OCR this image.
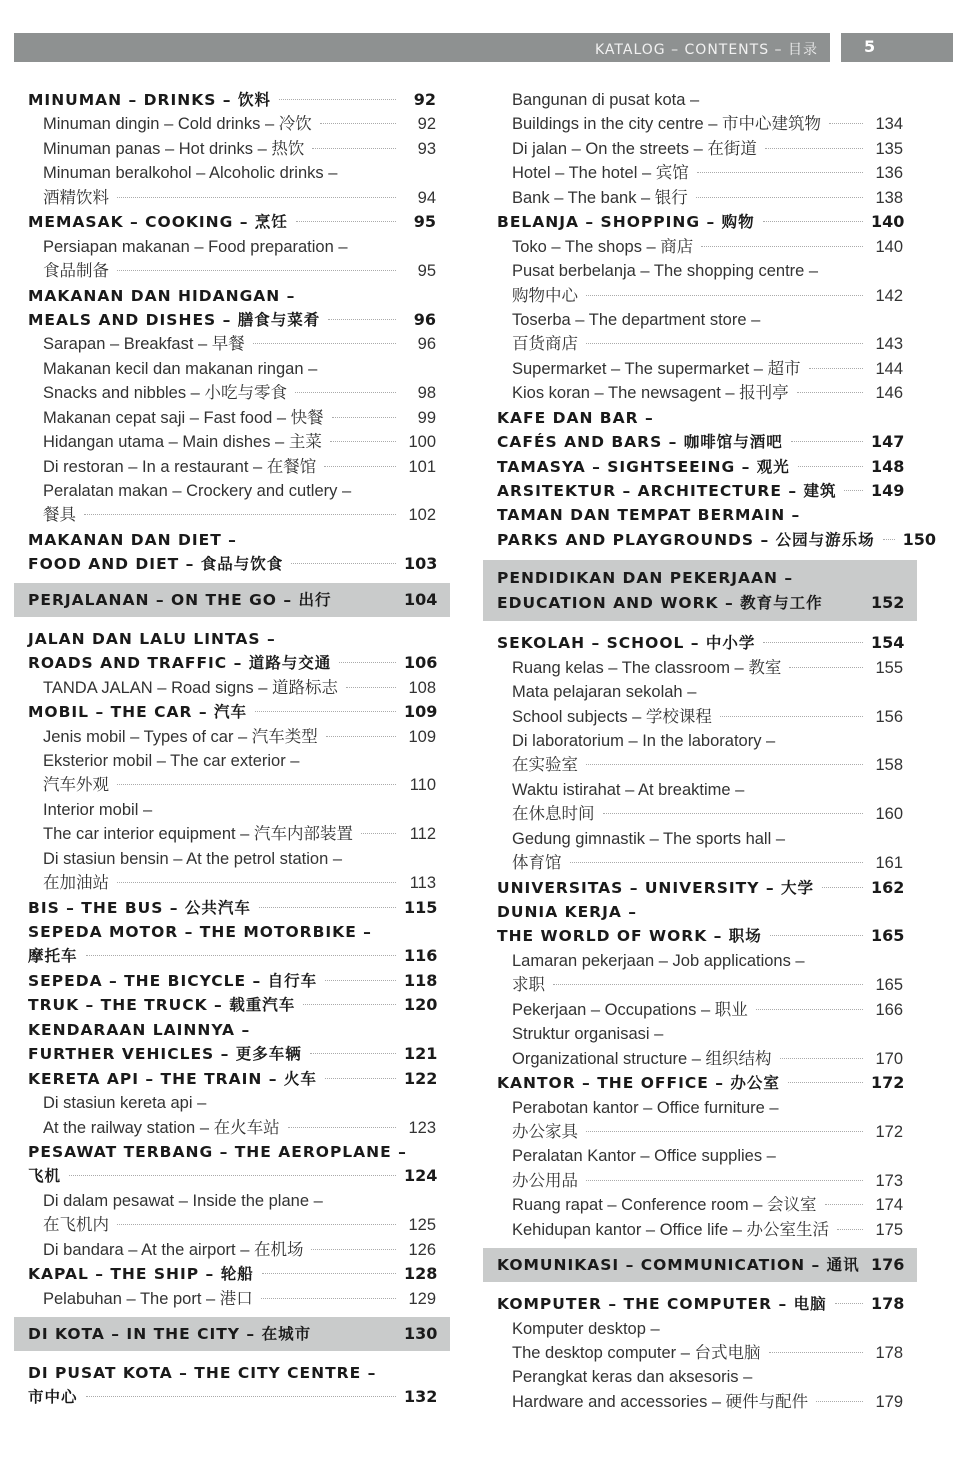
KATALOG – CONTENTS – 目录	5
MINUMAN – DRINKS – 饮料	92
Minuman dingin – Cold drinks – 冷饮	92
Minuman panas – Hot drinks – 热饮	93
Minuman beralkohol – Alcoholic drinks –
酒精饮料	94
MEMASAK – COOKING – 烹饪	95
Persiapan makanan – Food preparation –
食品制备	95
MAKANAN DAN HIDANGAN –
MEALS AND DISHES – 膳食与菜肴	96
Sarapan – Breakfast – 早餐	96
Makanan kecil dan makanan ringan –
Snacks and nibbles – 小吃与零食	98
Makanan cepat saji – Fast food – 快餐	99
Hidangan utama – Main dishes – 主菜	100
Di restoran – In a restaurant – 在餐馆	101
Peralatan makan – Crockery and cutlery –
餐具	102
MAKANAN DAN DIET –
FOOD AND DIET – 食品与饮食	103
PERJALANAN – ON THE GO – 出行	104
JALAN DAN LALU LINTAS –
ROADS AND TRAFFIC – 道路与交通	106
TANDA JALAN – Road signs – 道路标志	108
MOBIL – THE CAR – 汽车	109
Jenis mobil – Types of car – 汽车类型	109
Eksterior mobil – The car exterior –
汽车外观	110
Interior mobil –
The car interior equipment – 汽车内部装置	112
Di stasiun bensin – At the petrol station –
在加油站	113
BIS – THE BUS – 公共汽车	115
SEPEDA MOTOR – THE MOTORBIKE –
摩托车	116
SEPEDA – THE BICYCLE – 自行车	118
TRUK – THE TRUCK – 载重汽车	120
KENDARAAN LAINNYA –
FURTHER VEHICLES – 更多车辆	121
KERETA API – THE TRAIN – 火车	122
Di stasiun kereta api –
At the railway station – 在火车站	123
PESAWAT TERBANG – THE AEROPLANE –
飞机	124
Di dalam pesawat – Inside the plane –
在飞机内	125
Di bandara – At the airport – 在机场	126
KAPAL – THE SHIP – 轮船	128
Pelabuhan – The port – 港口	129
DI KOTA – IN THE CITY – 在城市	130
DI PUSAT KOTA – THE CITY CENTRE –
市中心	132
Bangunan di pusat kota –
Buildings in the city centre – 市中心建筑物	134
Di jalan – On the streets – 在街道	135
Hotel – The hotel – 宾馆	136
Bank – The bank – 银行	138
BELANJA – SHOPPING – 购物	140
Toko – The shops – 商店	140
Pusat berbelanja – The shopping centre –
购物中心	142
Toserba – The department store –
百货商店	143
Supermarket – The supermarket – 超市	144
Kios koran – The newsagent – 报刊亭	146
KAFE DAN BAR –
CAFÉS AND BARS – 咖啡馆与酒吧	147
TAMASYA – SIGHTSEEING – 观光	148
ARSITEKTUR – ARCHITECTURE – 建筑 149
TAMAN DAN TEMPAT BERMAIN –
PARKS AND PLAYGROUNDS – 公园与游乐场 150
PENDIDIKAN DAN PEKERJAAN –
EDUCATION AND WORK – 教育与工作	152
SEKOLAH – SCHOOL – 中小学	154
Ruang kelas – The classroom – 教室	155
Mata pelajaran sekolah –
School subjects – 学校课程	156
Di laboratorium – In the laboratory –
在实验室	158
Waktu istirahat – At breaktime –
在休息时间	160
Gedung gimnastik – The sports hall –
体育馆	161
UNIVERSITAS – UNIVERSITY – 大学	162
DUNIA KERJA –
THE WORLD OF WORK – 职场	165
Lamaran pekerjaan – Job applications –
求职	165
Pekerjaan – Occupations – 职业	166
Struktur organisasi –
Organizational structure – 组织结构	170
KANTOR – THE OFFICE – 办公室	172
Perabotan kantor – Office furniture –
办公家具	172
Peralatan Kantor – Office supplies –
办公用品	173
Ruang rapat – Conference room – 会议室	174
Kehidupan kantor – Office life – 办公室生活	175
KOMUNIKASI – COMMUNICATION – 通讯 176
KOMPUTER – THE COMPUTER – 电脑	178
Komputer desktop –
The desktop computer – 台式电脑	178
Perangkat keras dan aksesoris –
Hardware and accessories – 硬件与配件	179
